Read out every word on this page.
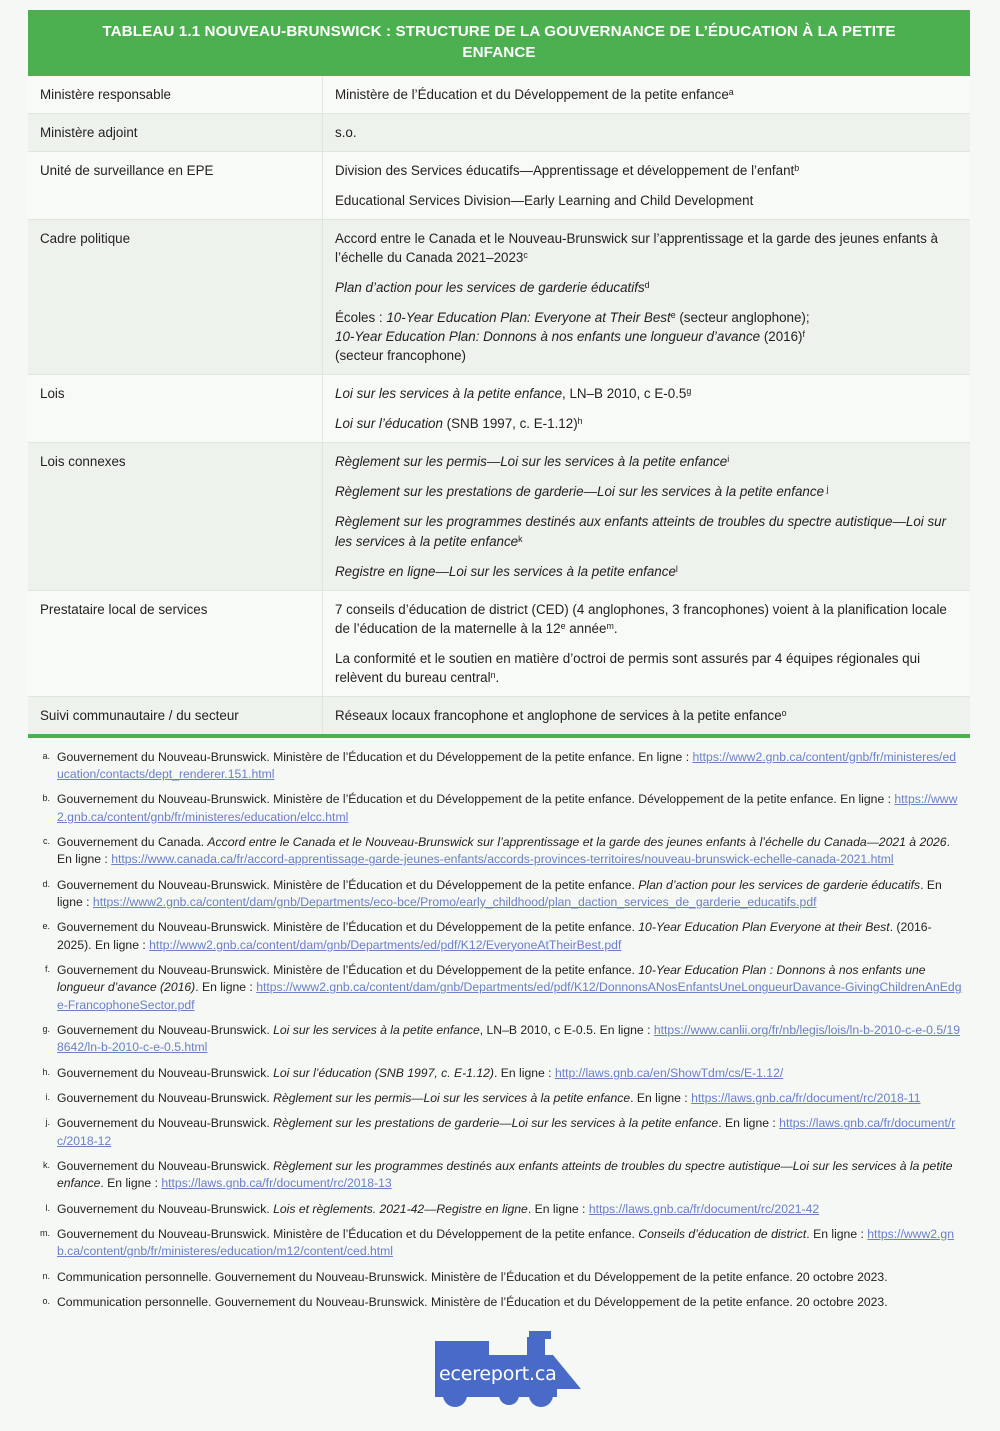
TABLEAU 1.1 NOUVEAU-BRUNSWICK : STRUCTURE DE LA GOUVERNANCE DE L’ÉDUCATION À LA PETITE ENFANCE
Ministère responsable	Ministère de l’Éducation et du Développement de la petite enfance$^a$

Ministère adjoint	s.o.

Unité de surveillance en EPE	Division des Services éducatifs—Apprentissage et développement de l’enfant$^b$

Educational Services Division—Early Learning and Child Development

Cadre politique	Accord entre le Canada et le Nouveau-Brunswick sur l’apprentissage et la garde des jeunes enfants à l’échelle du Canada 2021–2023$^c$

Plan d’action pour les services de garderie éducatifs$^d$

Écoles : 10-Year Education Plan: Everyone at Their Best$^e$ (secteur anglophone);
10-Year Education Plan: Donnons à nos enfants une longueur d’avance $(2016)^f$
(secteur francophone)

Lois	Loi sur les services à la petite enfance, LN–B 2010, c E-0.5$^g$

Loi sur l’éducation (SNB 1997, c. E-1.12)$^h$

Lois connexes	Règlement sur les permis—Loi sur les services à la petite enfance$^i$

Règlement sur les prestations de garderie—Loi sur les services à la petite enfance $^j$

Règlement sur les programmes destinés aux enfants atteints de troubles du spectre autistique—Loi sur les services à la petite enfance$^k$

Registre en ligne—Loi sur les services à la petite enfance$^l$

Prestataire local de services	7 conseils d’éducation de district (CED) (4 anglophones, 3 francophones) voient à la planification locale de l’éducation de la maternelle à la 12e année$^m$.

La conformité et le soutien en matière d’octroi de permis sont assurés par 4 équipes régionales qui relèvent du bureau central$^n$.

Suivi communautaire / du secteur	Réseaux locaux francophone et anglophone de services à la petite enfance$^o$

a. Gouvernement du Nouveau-Brunswick. Ministère de l’Éducation et du Développement de la petite enfance. En ligne : https://www2.gnb.ca/content/gnb/fr/ministeres/education/contacts/dept_renderer.151.html
b. Gouvernement du Nouveau-Brunswick. Ministère de l’Éducation et du Développement de la petite enfance. Développement de la petite enfance. En ligne : https://www2.gnb.ca/content/gnb/fr/ministeres/education/elcc.html
c. Gouvernement du Canada. Accord entre le Canada et le Nouveau-Brunswick sur l’apprentissage et la garde des jeunes enfants à l’échelle du Canada—2021 à 2026. En ligne : https://www.canada.ca/fr/accord-apprentissage-garde-jeunes-enfants/accords-provinces-territoires/nouveau-brunswick-echelle-canada-2021.html
d. Gouvernement du Nouveau-Brunswick. Ministère de l’Éducation et du Développement de la petite enfance. Plan d’action pour les services de garderie éducatifs. En ligne : https://www2.gnb.ca/content/dam/gnb/Departments/eco-bce/Promo/early_childhood/plan_daction_services_de_garderie_educatifs.pdf
e. Gouvernement du Nouveau-Brunswick. Ministère de l’Éducation et du Développement de la petite enfance. 10-Year Education Plan Everyone at their Best. (2016-2025). En ligne : http://www2.gnb.ca/content/dam/gnb/Departments/ed/pdf/K12/EveryoneAtTheirBest.pdf
f. Gouvernement du Nouveau-Brunswick. Ministère de l’Éducation et du Développement de la petite enfance. 10-Year Education Plan : Donnons à nos enfants une longueur d’avance (2016). En ligne : https://www2.gnb.ca/content/dam/gnb/Departments/ed/pdf/K12/DonnonsANosEnfantsUneLongueurDavance-GivingChildrenAnEdge-FrancophoneSector.pdf
g. Gouvernement du Nouveau-Brunswick. Loi sur les services à la petite enfance, LN–B 2010, c E-0.5. En ligne : https://www.canlii.org/fr/nb/legis/lois/ln-b-2010-c-e-0.5/198642/ln-b-2010-c-e-0.5.html
h. Gouvernement du Nouveau-Brunswick. Loi sur l’éducation (SNB 1997, c. E-1.12). En ligne : http://laws.gnb.ca/en/ShowTdm/cs/E-1.12/
i. Gouvernement du Nouveau-Brunswick. Règlement sur les permis—Loi sur les services à la petite enfance. En ligne : https://laws.gnb.ca/fr/document/rc/2018-11
j. Gouvernement du Nouveau-Brunswick. Règlement sur les prestations de garderie—Loi sur les services à la petite enfance. En ligne : https://laws.gnb.ca/fr/document/rc/2018-12
k. Gouvernement du Nouveau-Brunswick. Règlement sur les programmes destinés aux enfants atteints de troubles du spectre autistique—Loi sur les services à la petite enfance. En ligne : https://laws.gnb.ca/fr/document/rc/2018-13
l. Gouvernement du Nouveau-Brunswick. Lois et règlements. 2021-42—Registre en ligne. En ligne : https://laws.gnb.ca/fr/document/rc/2021-42
m. Gouvernement du Nouveau-Brunswick. Ministère de l’Éducation et du Développement de la petite enfance. Conseils d’éducation de district. En ligne : https://www2.gnb.ca/content/gnb/fr/ministeres/education/m12/content/ced.html
n. Communication personnelle. Gouvernement du Nouveau-Brunswick. Ministère de l’Éducation et du Développement de la petite enfance. 20 octobre 2023.
o. Communication personnelle. Gouvernement du Nouveau-Brunswick. Ministère de l’Éducation et du Développement de la petite enfance. 20 octobre 2023.
ecereport.ca
